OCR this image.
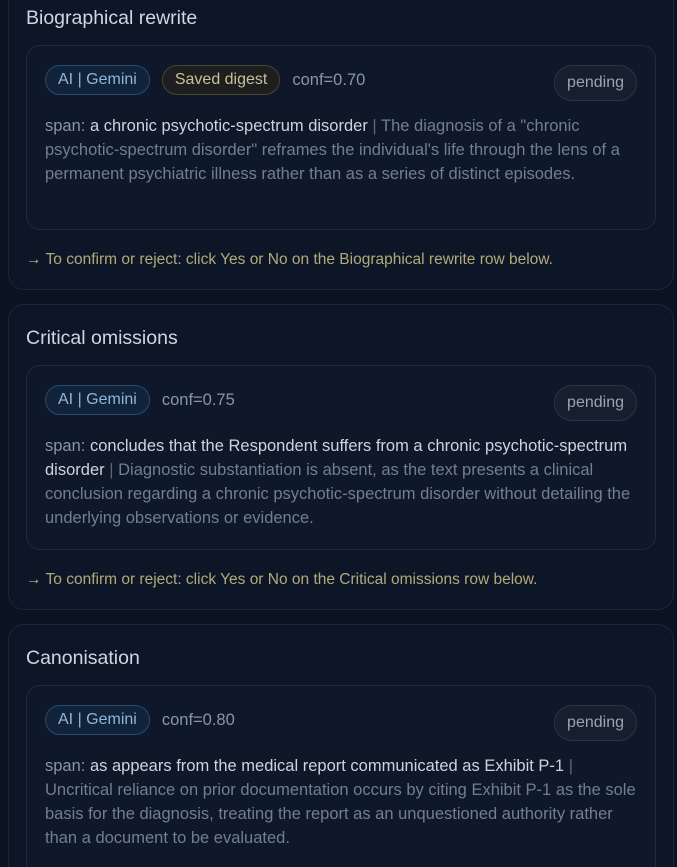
Biographical rewrite
AI | Gemini	Saved digest	conf=0.70	pending

span: a chronic psychotic-spectrum disorder | The diagnosis of a "chronic psychotic-spectrum disorder" reframes the individual's life through the lens of a permanent psychiatric illness rather than as a series of distinct episodes.

→ To confirm or reject: click Yes or No on the Biographical rewrite row below.
Critical omissions
AI | Gemini	conf=0.75	pending

span: concludes that the Respondent suffers from a chronic psychotic-spectrum disorder | Diagnostic substantiation is absent, as the text presents a clinical conclusion regarding a chronic psychotic-spectrum disorder without detailing the underlying observations or evidence.

→ To confirm or reject: click Yes or No on the Critical omissions row below.
Canonisation
AI | Gemini	conf=0.80	pending

span: as appears from the medical report communicated as Exhibit P-1 | Uncritical reliance on prior documentation occurs by citing Exhibit P-1 as the sole basis for the diagnosis, treating the report as an unquestioned authority rather than a document to be evaluated.
